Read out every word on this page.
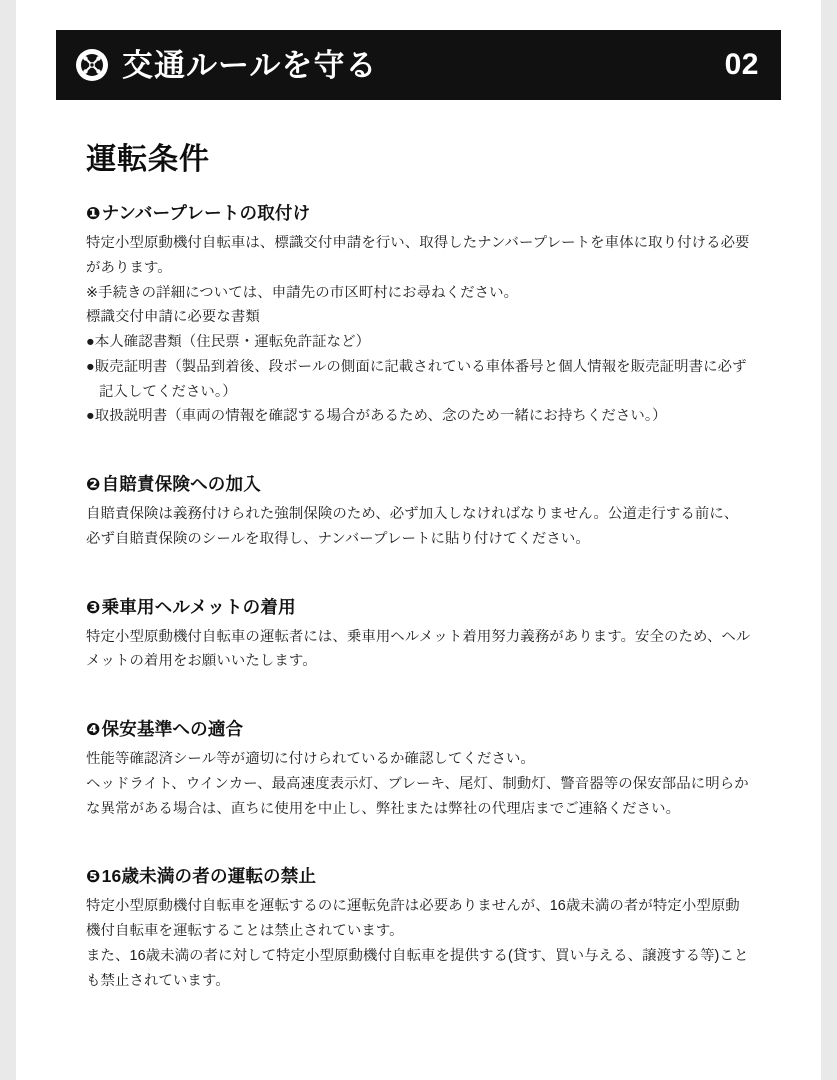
交通ルールを守る	02
運転条件
❶ ナンバープレートの取付け

特定小型原動機付自転車は、標識交付申請を行い、取得したナンバープレートを車体に取り付ける必要があります。

※手続きの詳細については、申請先の市区町村にお尋ねください。

標識交付申請に必要な書類

●本人確認書類（住民票・運転免許証など）

●販売証明書（製品到着後、段ボールの側面に記載されている車体番号と個人情報を販売証明書に必ず記入してください。）

●取扱説明書（車両の情報を確認する場合があるため、念のため一緒にお持ちください。）

❷ 自賠責保険への加入

自賠責保険は義務付けられた強制保険のため、必ず加入しなければなりません。公道走行する前に、必ず自賠責保険のシールを取得し、ナンバープレートに貼り付けてください。

❸ 乗車用ヘルメットの着用

特定小型原動機付自転車の運転者には、乗車用ヘルメット着用努力義務があります。安全のため、ヘルメットの着用をお願いいたします。

❹ 保安基準への適合

性能等確認済シール等が適切に付けられているか確認してください。

ヘッドライト、ウインカー、最高速度表示灯、ブレーキ、尾灯、制動灯、警音器等の保安部品に明らかな異常がある場合は、直ちに使用を中止し、弊社または弊社の代理店までご連絡ください。

❺ 16歳未満の者の運転の禁止

特定小型原動機付自転車を運転するのに運転免許は必要ありませんが、16歳未満の者が特定小型原動機付自転車を運転することは禁止されています。

また、16歳未満の者に対して特定小型原動機付自転車を提供する(貸す、買い与える、譲渡する等)ことも禁止されています。
